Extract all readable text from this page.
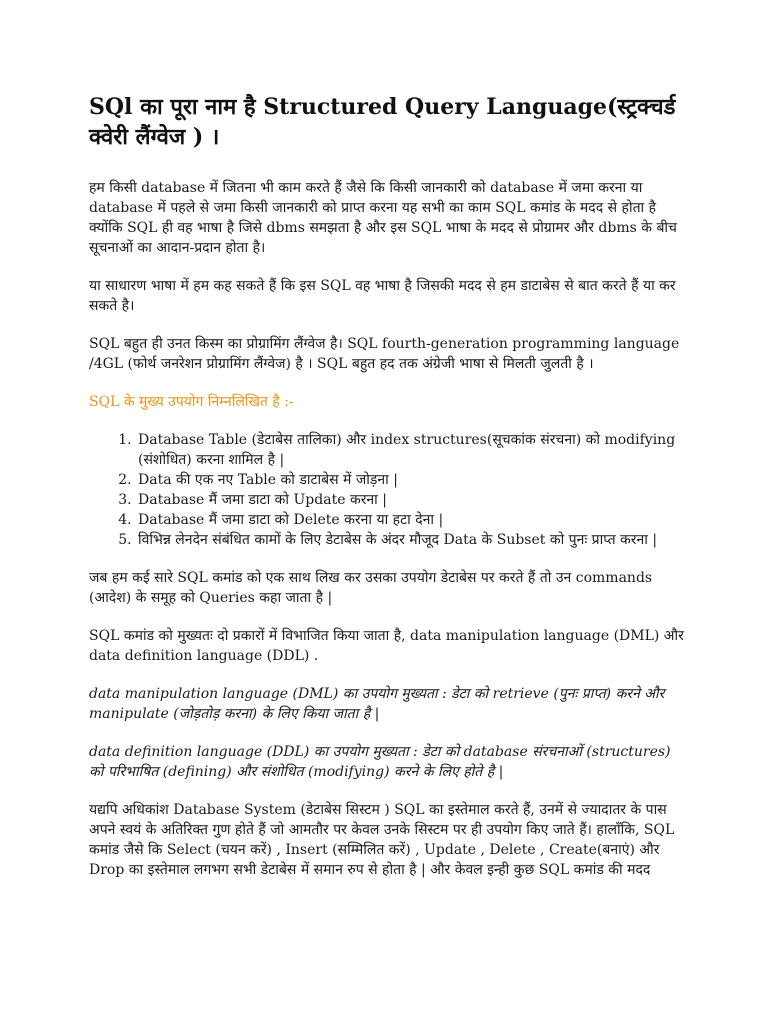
SQl का पूरा नाम है Structured Query Language(स्ट्रक्चर्ड क्वेरी लैंग्वेज ) ।

हम किसी database में जितना भी काम करते हैं जैसे कि किसी जानकारी को database में जमा करना या database में पहले से जमा किसी जानकारी को प्राप्त करना यह सभी का काम SQL कमांड के मदद से होता है क्योंकि SQL ही वह भाषा है जिसे dbms समझता है और इस SQL भाषा के मदद से प्रोग्रामर और dbms के बीच सूचनाओं का आदान-प्रदान होता है।

या साधारण भाषा में हम कह सकते हैं कि इस SQL वह भाषा है जिसकी मदद से हम डाटाबेस से बात करते हैं या कर सकते है।

SQL बहुत ही उनत किस्म का प्रोग्रामिंग लैंग्वेज है। SQL fourth-generation programming language /4GL (फोर्थ जनरेशन प्रोग्रामिंग लैंग्वेज) है । SQL बहुत हद तक अंग्रेजी भाषा से मिलती जुलती है ।

SQL के मुख्य उपयोग निम्नलिखित है :-

1. Database Table (डेटाबेस तालिका) और index structures(सूचकांक संरचना) को modifying (संशोधित) करना शामिल है |
2. Data की एक नए Table को डाटाबेस में जोड़ना |
3. Database मैं जमा डाटा को Update करना |
4. Database मैं जमा डाटा को Delete करना या हटा देना |
5. विभिन्न लेनदेन संबंधित कामों के लिए डेटाबेस के अंदर मौजूद Data के Subset को पुनः प्राप्त करना |

जब हम कई सारे SQL कमांड को एक साथ लिख कर उसका उपयोग डेटाबेस पर करते हैं तो उन commands (आदेश) के समूह को Queries कहा जाता है |

SQL कमांड को मुख्यतः दो प्रकारों में विभाजित किया जाता है, data manipulation language (DML) और data definition language (DDL) .

data manipulation language (DML) का उपयोग मुख्यता : डेटा को retrieve (पुनः प्राप्त) करने और manipulate (जोड़तोड़ करना) के लिए किया जाता है |

data definition language (DDL) का उपयोग मुख्यता : डेटा को database संरचनाओं (structures) को परिभाषित (defining) और संशोधित (modifying) करने के लिए होते है |

यद्यपि अधिकांश Database System (डेटाबेस सिस्टम ) SQL का इस्तेमाल करते हैं, उनमें से ज्यादातर के पास अपने स्वयं के अतिरिक्त गुण होते हैं जो आमतौर पर केवल उनके सिस्टम पर ही उपयोग किए जाते हैं। हालाँकि, SQL कमांड जैसे कि Select (चयन करें) , Insert (सम्मिलित करें) , Update , Delete , Create(बनाएं) और Drop का इस्तेमाल लगभग सभी डेटाबेस में समान रुप से होता है | और केवल इन्ही कुछ SQL कमांड की मदद
